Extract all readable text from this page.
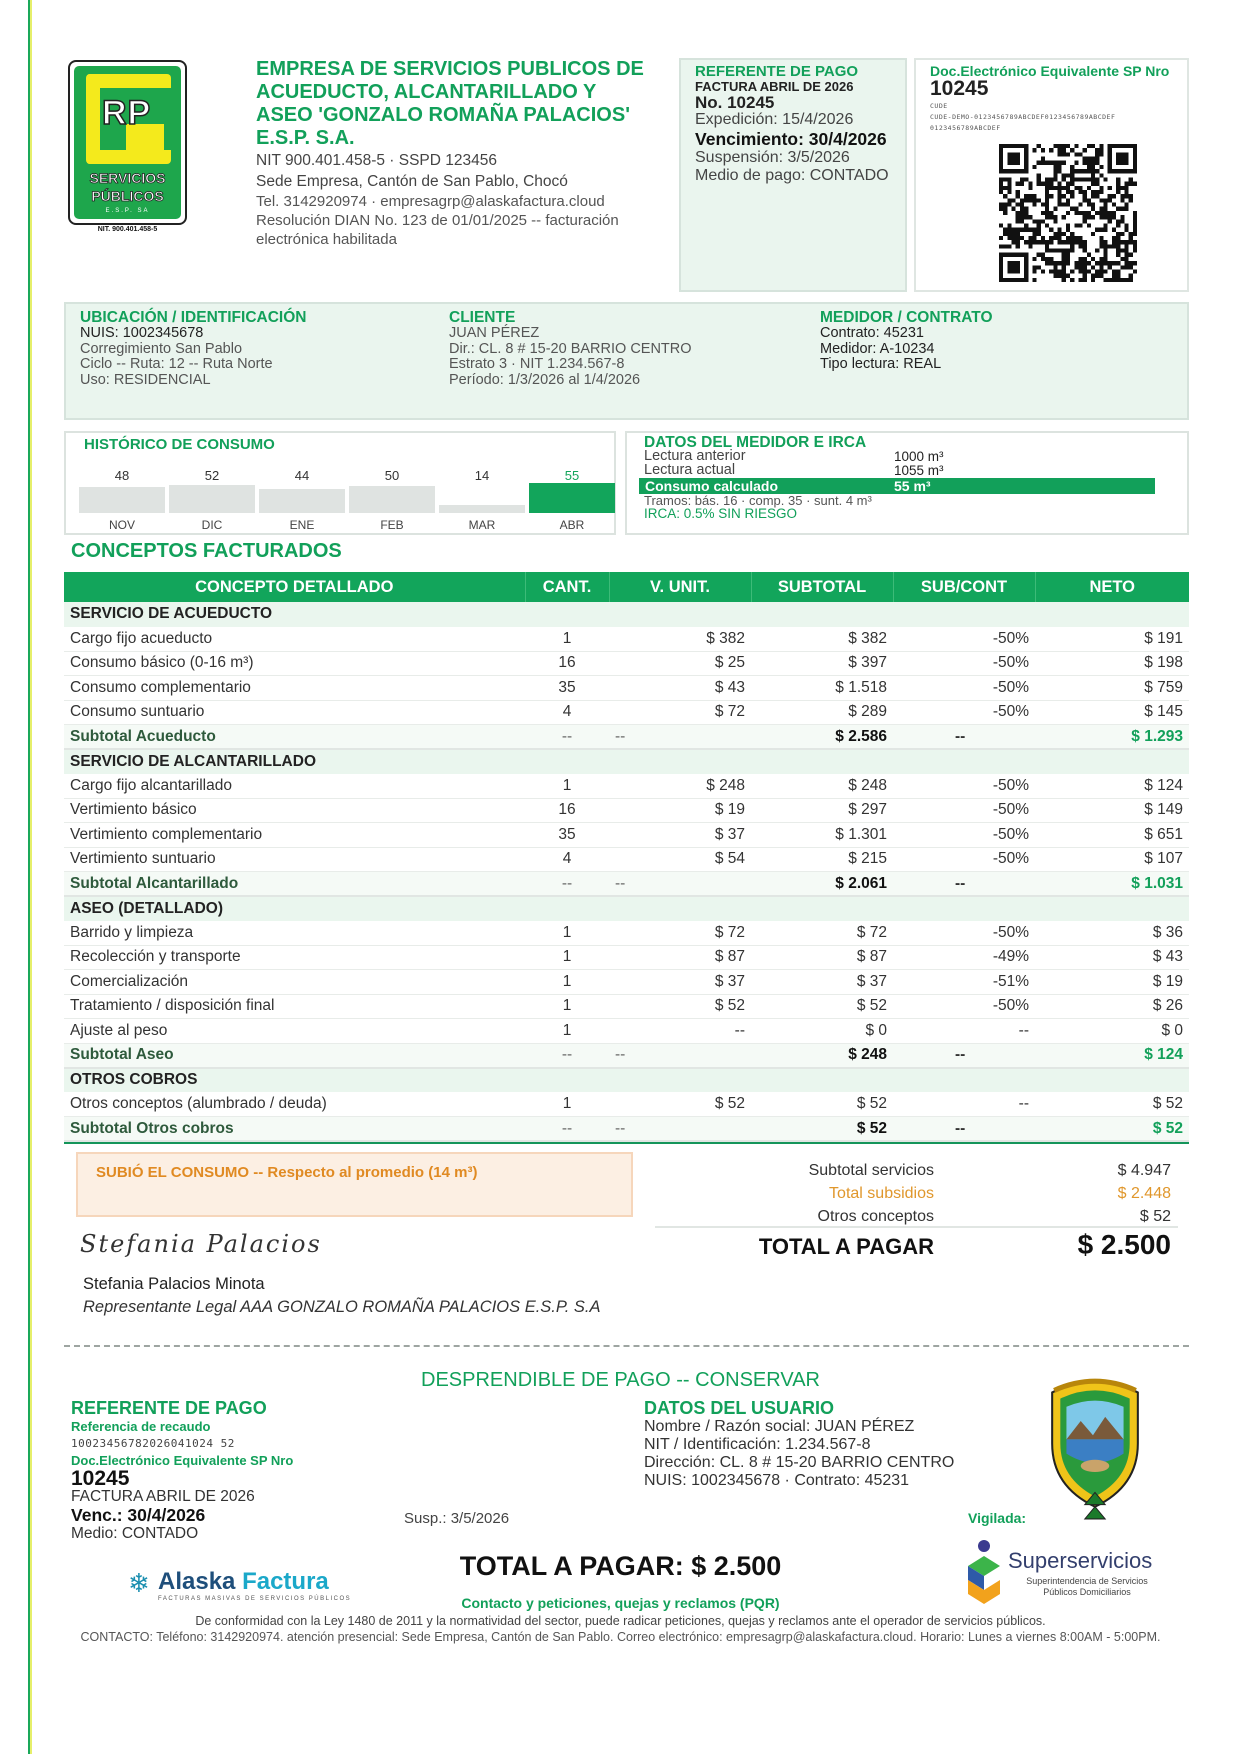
RP
SERVICIOS
PÚBLICOS
E.S.P. SA
NIT. 900.401.458-5
EMPRESA DE SERVICIOS PUBLICOS DE
ACUEDUCTO, ALCANTARILLADO Y
ASEO 'GONZALO ROMAÑA PALACIOS'
E.S.P. S.A.
NIT 900.401.458-5 · SSPD 123456
Sede Empresa, Cantón de San Pablo, Chocó
Tel. 3142920974 · empresagrp@alaskafactura.cloud
Resolución DIAN No. 123 de 01/01/2025 -- facturación
electrónica habilitada
REFERENTE DE PAGO
FACTURA ABRIL DE 2026
No. 10245
Expedición: 15/4/2026
Vencimiento: 30/4/2026
Suspensión: 3/5/2026
Medio de pago: CONTADO
Doc.Electrónico Equivalente SP Nro
10245
CUDE
CUDE-DEMO-0123456789ABCDEF0123456789ABCDEF
0123456789ABCDEF
UBICACIÓN / IDENTIFICACIÓN
NUIS: 1002345678
Corregimiento San Pablo
Ciclo -- Ruta: 12 -- Ruta Norte
Uso: RESIDENCIAL
CLIENTE
JUAN PÉREZ
Dir.: CL. 8 # 15-20 BARRIO CENTRO
Estrato 3 · NIT 1.234.567-8
Período: 1/3/2026 al 1/4/2026
MEDIDOR / CONTRATO
Contrato: 45231
Medidor: A-10234
Tipo lectura: REAL
HISTÓRICO DE CONSUMO
48
NOV
52
DIC
44
ENE
50
FEB
14
MAR
55
ABR
DATOS DEL MEDIDOR E IRCA
Lectura anterior	1000 m³
Lectura actual	1055 m³
Consumo calculado	55 m³
Tramos: bás. 16 · comp. 35 · sunt. 4 m³
IRCA: 0.5% SIN RIESGO
CONCEPTOS FACTURADOS
CONCEPTO DETALLADO	CANT.	V. UNIT.	SUBTOTAL	SUB/CONT	NETO
SERVICIO DE ACUEDUCTO					
Cargo fijo acueducto	1	$ 382	$ 382	-50%	$ 191
Consumo básico (0-16 m³)	16	$ 25	$ 397	-50%	$ 198
Consumo complementario	35	$ 43	$ 1.518	-50%	$ 759
Consumo suntuario	4	$ 72	$ 289	-50%	$ 145
Subtotal Acueducto	--	--	$ 2.586	--	$ 1.293
SERVICIO DE ALCANTARILLADO					
Cargo fijo alcantarillado	1	$ 248	$ 248	-50%	$ 124
Vertimiento básico	16	$ 19	$ 297	-50%	$ 149
Vertimiento complementario	35	$ 37	$ 1.301	-50%	$ 651
Vertimiento suntuario	4	$ 54	$ 215	-50%	$ 107
Subtotal Alcantarillado	--	--	$ 2.061	--	$ 1.031
ASEO (DETALLADO)					
Barrido y limpieza	1	$ 72	$ 72	-50%	$ 36
Recolección y transporte	1	$ 87	$ 87	-49%	$ 43
Comercialización	1	$ 37	$ 37	-51%	$ 19
Tratamiento / disposición final	1	$ 52	$ 52	-50%	$ 26
Ajuste al peso	1	--	$ 0	--	$ 0
Subtotal Aseo	--	--	$ 248	--	$ 124
OTROS COBROS					
Otros conceptos (alumbrado / deuda)	1	$ 52	$ 52	--	$ 52
Subtotal Otros cobros	--	--	$ 52	--	$ 52
SUBIÓ EL CONSUMO -- Respecto al promedio (14 m³)	Subtotal servicios	$ 4.947
Total subsidios	$ 2.448
Otros conceptos	$ 52
TOTAL A PAGAR	$ 2.500
Stefania Palacios
Stefania Palacios Minota
Representante Legal AAA GONZALO ROMAÑA PALACIOS E.S.P. S.A
DESPRENDIBLE DE PAGO -- CONSERVAR
REFERENTE DE PAGO
Referencia de recaudo
10023456782026041024 52
Doc.Electrónico Equivalente SP Nro
10245
FACTURA ABRIL DE 2026
Venc.: 30/4/2026
Medio: CONTADO
Susp.: 3/5/2026
DATOS DEL USUARIO
Nombre / Razón social: JUAN PÉREZ
NIT / Identificación: 1.234.567-8
Dirección: CL. 8 # 15-20 BARRIO CENTRO
NUIS: 1002345678 · Contrato: 45231
Vigilada:
Superservicios
Superintendencia de Servicios
Públicos Domiciliarios
❄ Alaska Factura
FACTURAS MASIVAS DE SERVICIOS PÚBLICOS
TOTAL A PAGAR: $ 2.500
Contacto y peticiones, quejas y reclamos (PQR)
De conformidad con la Ley 1480 de 2011 y la normatividad del sector, puede radicar peticiones, quejas y reclamos ante el operador de servicios públicos.
CONTACTO: Teléfono: 3142920974. atención presencial: Sede Empresa, Cantón de San Pablo. Correo electrónico: empresagrp@alaskafactura.cloud. Horario: Lunes a viernes 8:00AM - 5:00PM.
